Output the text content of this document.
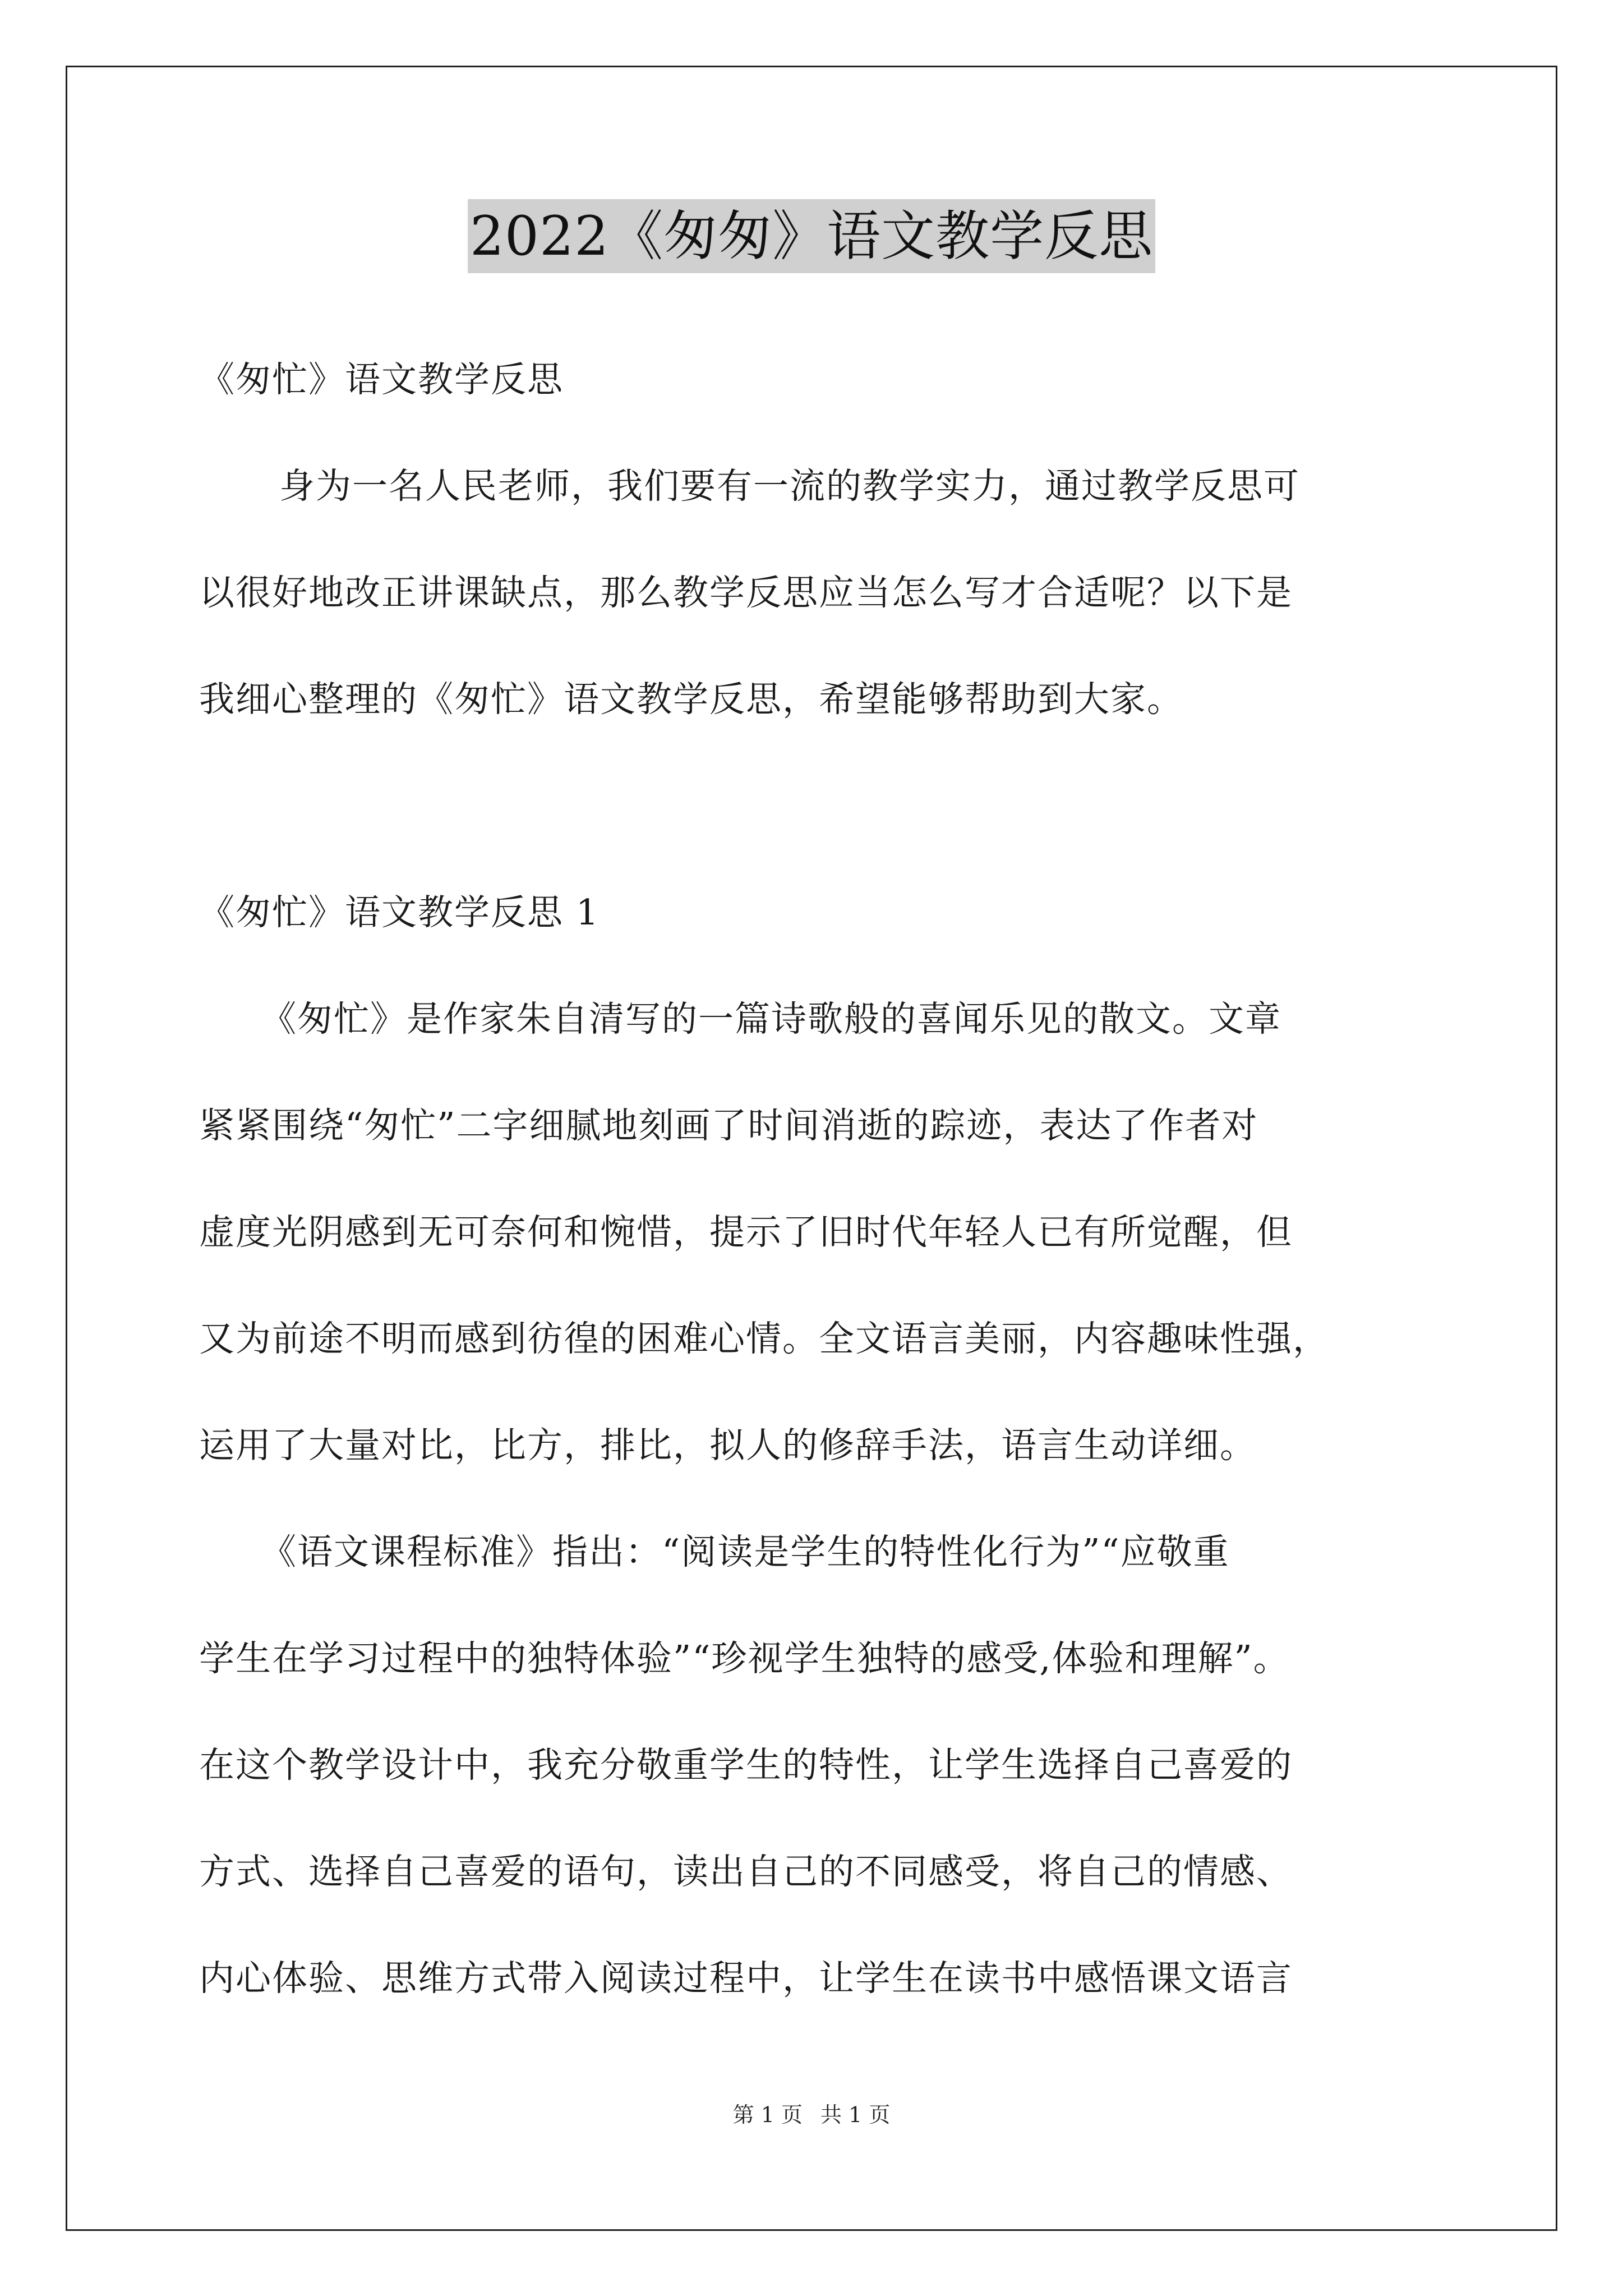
2022《匆匆》语文教学反思
《匆忙》语文教学反思
身为一名人民老师，我们要有一流的教学实力，通过教学反思可
以很好地改正讲课缺点，那么教学反思应当怎么写才合适呢？以下是
我细心整理的《匆忙》语文教学反思，希望能够帮助到大家。
《匆忙》语文教学反思 1
《匆忙》是作家朱自清写的一篇诗歌般的喜闻乐见的散文。文章
紧紧围绕“匆忙”二字细腻地刻画了时间消逝的踪迹，表达了作者对
虚度光阴感到无可奈何和惋惜，提示了旧时代年轻人已有所觉醒，但
又为前途不明而感到彷徨的困难心情。全文语言美丽，内容趣味性强，
运用了大量对比，比方，排比，拟人的修辞手法，语言生动详细。
《语文课程标准》指出：“阅读是学生的特性化行为”“应敬重
学生在学习过程中的独特体验”“珍视学生独特的感受,体验和理解”。
在这个教学设计中，我充分敬重学生的特性，让学生选择自己喜爱的
方式、选择自己喜爱的语句，读出自己的不同感受，将自己的情感、
内心体验、思维方式带入阅读过程中，让学生在读书中感悟课文语言
第 1 页 共 1 页
